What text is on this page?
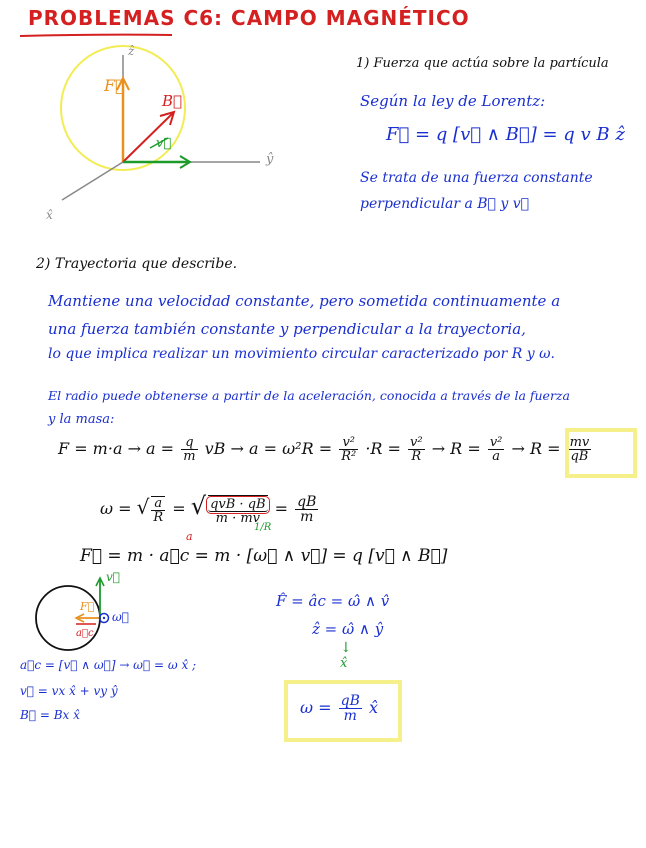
PROBLEMAS C6: CAMPO MAGNÉTICO
ẑ
ŷ
x̂
F⃗
B⃗
v⃗
1) Fuerza que actúa sobre la partícula
Según la ley de Lorentz:
F⃗ = q [v⃗ ∧ B⃗] = q v B ẑ
Se trata de una fuerza constante
perpendicular a B⃗ y v⃗
2) Trayectoria que describe.
Mantiene una velocidad constante, pero sometida continuamente a
una fuerza también constante y perpendicular a la trayectoria,
lo que implica realizar un movimiento circular caracterizado por R y ω.
El radio puede obtenerse a partir de la aceleración, conocida a través de la fuerza
y la masa:
$F = m\cdot a \to a = \frac{q}{m}$ vB → $a = \omega^2R = \frac{\text{v²}}{\text{R²}} \cdot R = \frac{\text{v²}}{R} \to R = \frac{\text{v²}}{a} \to R = \frac{mv}{qB}$
ω = √ $\frac{a}{R}$ = √ $\frac{\text{qvB · qB}}{m \cdot mv} = \frac{qB}{m}$
a
1/R
F⃗ = m · a⃗c = m · [ω⃗ ∧ v⃗] = q [v⃗ ∧ B⃗]
v⃗
F⃗
a⃗c
ω⃗
a⃗c = [v⃗ ∧ ω⃗] → ω⃗ = ω x̂ ;
v⃗ = vx x̂ + vy ŷ
B⃗ = Bx x̂
F̂ = âc = ω̂ ∧ v̂
ẑ = ω̂ ∧ ŷ
↓
x̂
$\omega = \frac{qB}{m}$ x̂
